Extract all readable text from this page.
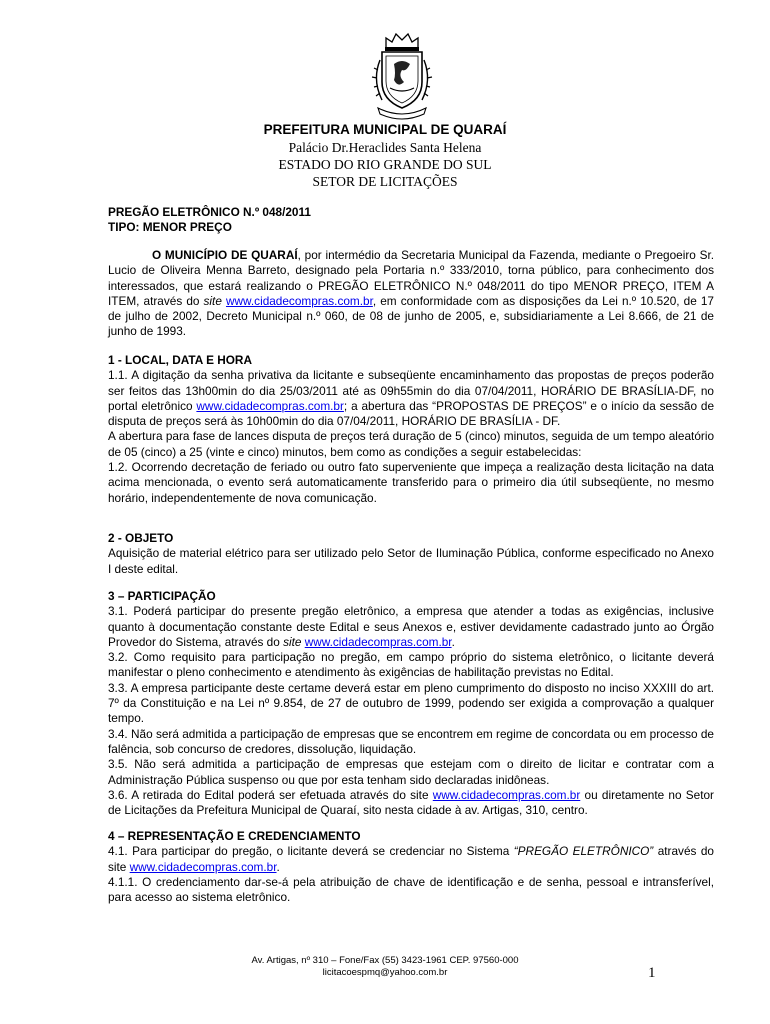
PREFEITURA MUNICIPAL DE QUARAÍ
Palácio Dr.Heraclides Santa Helena
ESTADO DO RIO GRANDE DO SUL
SETOR DE LICITAÇÕES
PREGÃO ELETRÔNICO N.º 048/2011
TIPO: MENOR PREÇO

O MUNICÍPIO DE QUARAÍ, por intermédio da Secretaria Municipal da Fazenda, mediante o Pregoeiro Sr. Lucio de Oliveira Menna Barreto, designado pela Portaria n.º 333/2010, torna público, para conhecimento dos interessados, que estará realizando o PREGÃO ELETRÔNICO N.º 048/2011 do tipo MENOR PREÇO, ITEM A ITEM, através do site www.cidadecompras.com.br, em conformidade com as disposições da Lei n.º 10.520, de 17 de julho de 2002, Decreto Municipal n.º 060, de 08 de junho de 2005, e, subsidiariamente a Lei 8.666, de 21 de junho de 1993.

1 - LOCAL, DATA E HORA

1.1. A digitação da senha privativa da licitante e subseqüente encaminhamento das propostas de preços poderão ser feitos das 13h00min do dia 25/03/2011 até as 09h55min do dia 07/04/2011, HORÁRIO DE BRASÍLIA-DF, no portal eletrônico www.cidadecompras.com.br; a abertura das “PROPOSTAS DE PREÇOS” e o início da sessão de disputa de preços será às 10h00min do dia 07/04/2011, HORÁRIO DE BRASÍLIA - DF.

A abertura para fase de lances disputa de preços terá duração de 5 (cinco) minutos, seguida de um tempo aleatório de 05 (cinco) a 25 (vinte e cinco) minutos, bem como as condições a seguir estabelecidas:

1.2. Ocorrendo decretação de feriado ou outro fato superveniente que impeça a realização desta licitação na data acima mencionada, o evento será automaticamente transferido para o primeiro dia útil subseqüente, no mesmo horário, independentemente de nova comunicação.

2 - OBJETO

Aquisição de material elétrico para ser utilizado pelo Setor de Iluminação Pública, conforme especificado no Anexo I deste edital.

3 – PARTICIPAÇÃO

3.1. Poderá participar do presente pregão eletrônico, a empresa que atender a todas as exigências, inclusive quanto à documentação constante deste Edital e seus Anexos e, estiver devidamente cadastrado junto ao Órgão Provedor do Sistema, através do site www.cidadecompras.com.br.

3.2. Como requisito para participação no pregão, em campo próprio do sistema eletrônico, o licitante deverá manifestar o pleno conhecimento e atendimento às exigências de habilitação previstas no Edital.

3.3. A empresa participante deste certame deverá estar em pleno cumprimento do disposto no inciso XXXIII do art. 7º da Constituição e na Lei nº 9.854, de 27 de outubro de 1999, podendo ser exigida a comprovação a qualquer tempo.

3.4. Não será admitida a participação de empresas que se encontrem em regime de concordata ou em processo de falência, sob concurso de credores, dissolução, liquidação.

3.5. Não será admitida a participação de empresas que estejam com o direito de licitar e contratar com a Administração Pública suspenso ou que por esta tenham sido declaradas inidôneas.

3.6. A retirada do Edital poderá ser efetuada através do site www.cidadecompras.com.br ou diretamente no Setor de Licitações da Prefeitura Municipal de Quaraí, sito nesta cidade à av. Artigas, 310, centro.

4 – REPRESENTAÇÃO E CREDENCIAMENTO

4.1. Para participar do pregão, o licitante deverá se credenciar no Sistema “PREGÃO ELETRÔNICO” através do site www.cidadecompras.com.br.

4.1.1. O credenciamento dar-se-á pela atribuição de chave de identificação e de senha, pessoal e intransferível, para acesso ao sistema eletrônico.

Av. Artigas, nº 310 – Fone/Fax (55) 3423-1961 CEP. 97560-000
licitacoespmq@yahoo.com.br	1
